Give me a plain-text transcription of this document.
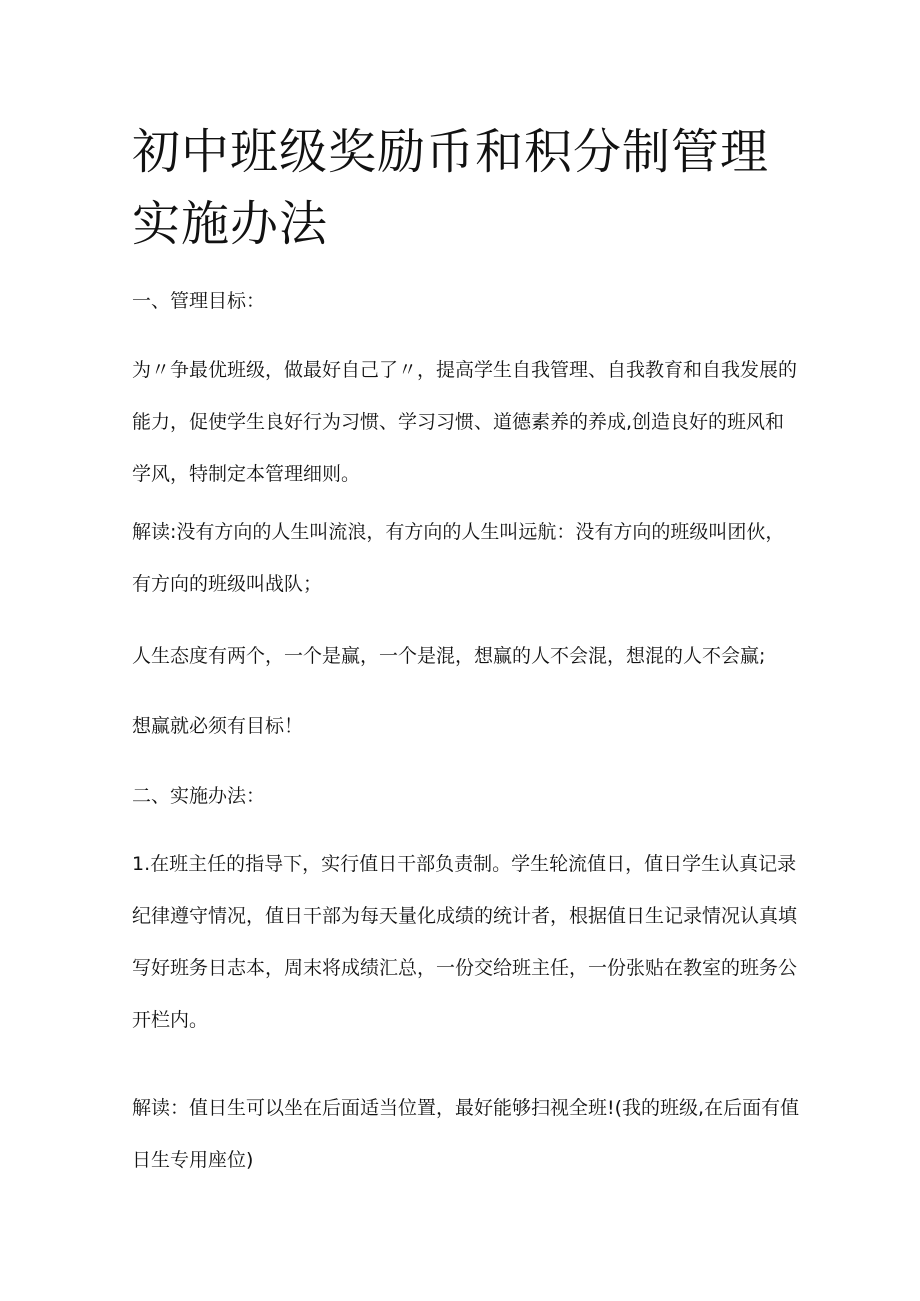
初中班级奖励币和积分制管理实施办法

一、管理目标：

为〃争最优班级，做最好自己了〃，提高学生自我管理、自我教育和自我发展的能力，促使学生良好行为习惯、学习习惯、道德素养的养成,创造良好的班风和学风，特制定本管理细则。

解读:没有方向的人生叫流浪，有方向的人生叫远航：没有方向的班级叫团伙，有方向的班级叫战队；

人生态度有两个，一个是赢，一个是混，想赢的人不会混，想混的人不会赢;

想赢就必须有目标！

二、实施办法：

1.在班主任的指导下，实行值日干部负责制。学生轮流值日，值日学生认真记录纪律遵守情况，值日干部为每天量化成绩的统计者，根据值日生记录情况认真填写好班务日志本，周末将成绩汇总，一份交给班主任，一份张贴在教室的班务公开栏内。

解读：值日生可以坐在后面适当位置，最好能够扫视全班!(我的班级,在后面有值日生专用座位)
